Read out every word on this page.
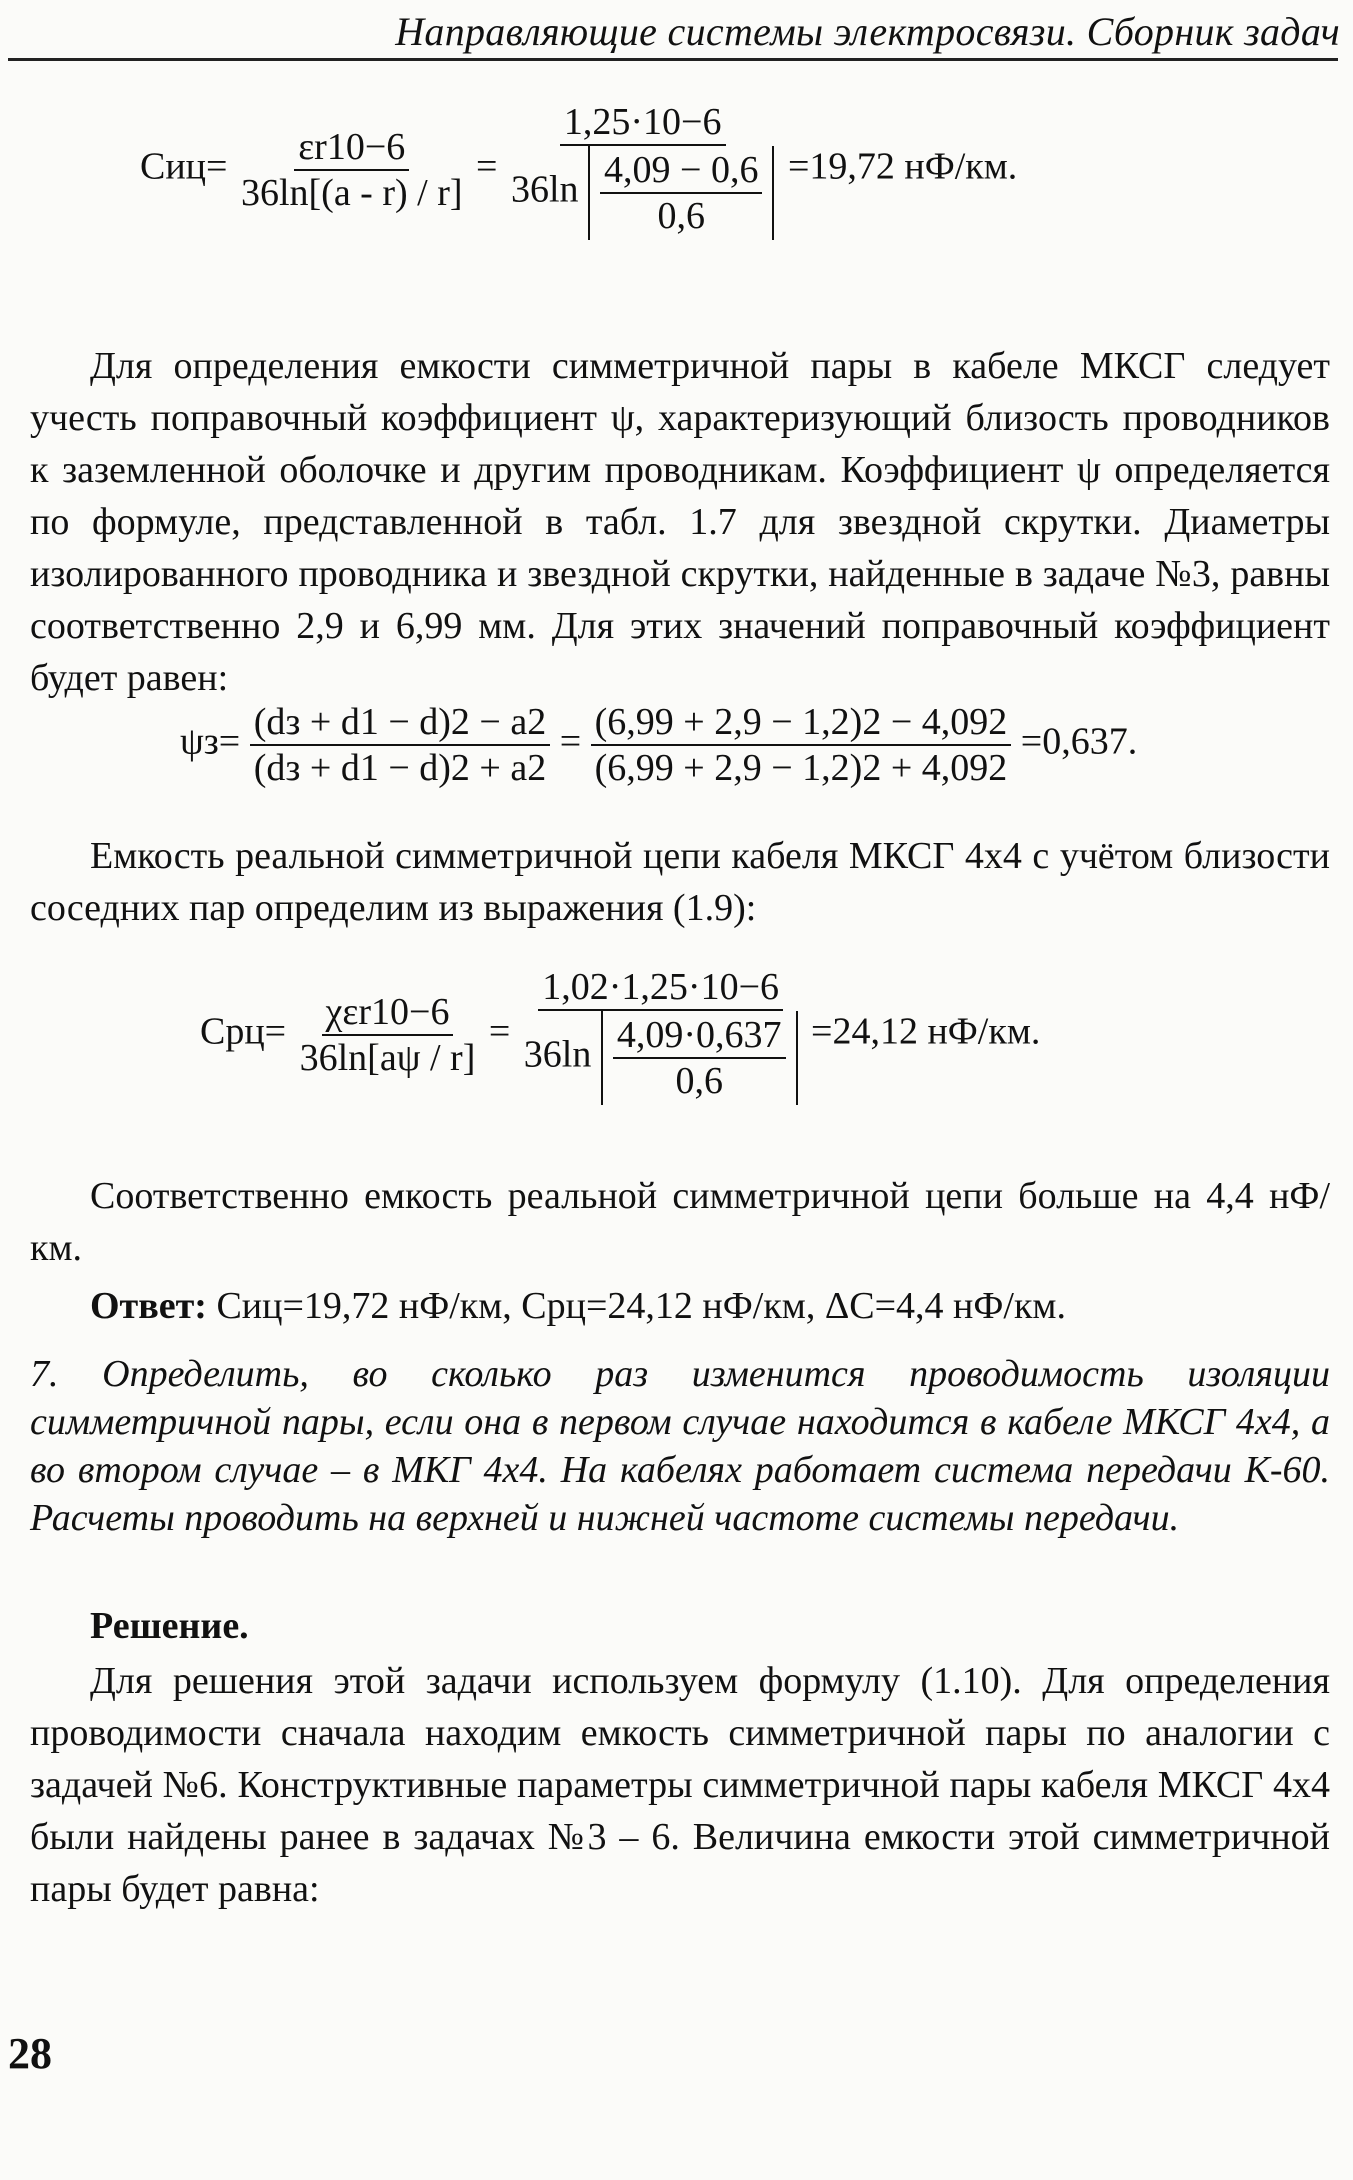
Направляющие системы электросвязи. Сборник задач
$Cиц= \frac{\varepsilon r10-6}{36\ln[(a - r) / r]} = \frac{1,25\cdot 10-6}{36\ln \frac{4,09 - 0,6}{0,6}} =19,72$ нФ/км.
Для определения емкости симметричной пары в кабеле МКСГ следует учесть поправочный коэффициент ψ, характеризующий близость проводников к заземленной оболочке и другим проводникам. Коэффициент ψ определяется по формуле, представленной в табл. 1.7 для звездной скрутки. Диаметры изолированного проводника и звездной скрутки, найденные в задаче №3, равны соответственно 2,9 и 6,99 мм. Для этих значений поправочный коэффициент будет равен:
$\psi з= \frac{(dз + d1 - d)2 - a2}{(dз + d1 - d)2 + a2} = \frac{(6,99 + 2,9 - 1,2)2 - 4,092}{(6,99 + 2,9 - 1,2)2 + 4,092} =0,637$.
Емкость реальной симметричной цепи кабеля МКСГ 4х4 с учётом близости соседних пар определим из выражения (1.9):
$Cрц= \frac{\text{χεr10−6}}{36\ln[a\psi / r]} = \frac{1,02\cdot 1,25\cdot 10-6}{36\ln \frac{4,09\cdot 0,637}{0,6}} =24,12$ нФ/км.
Соответственно емкость реальной симметричной цепи больше на 4,4 нФ/км.
Ответ: Cиц=19,72 нФ/км, Cрц=24,12 нФ/км, ΔC=4,4 нФ/км.
7. Определить, во сколько раз изменится проводимость изоляции симметричной пары, если она в первом случае находится в кабеле МКСГ 4х4, а во втором случае – в МКГ 4х4. На кабелях работает система передачи К-60. Расчеты проводить на верхней и нижней частоте системы передачи.
Решение.
Для решения этой задачи используем формулу (1.10). Для определения проводимости сначала находим емкость симметричной пары по аналогии с задачей №6. Конструктивные параметры симметричной пары кабеля МКСГ 4х4 были найдены ранее в задачах №3 – 6. Величина емкости этой симметричной пары будет равна:
28
